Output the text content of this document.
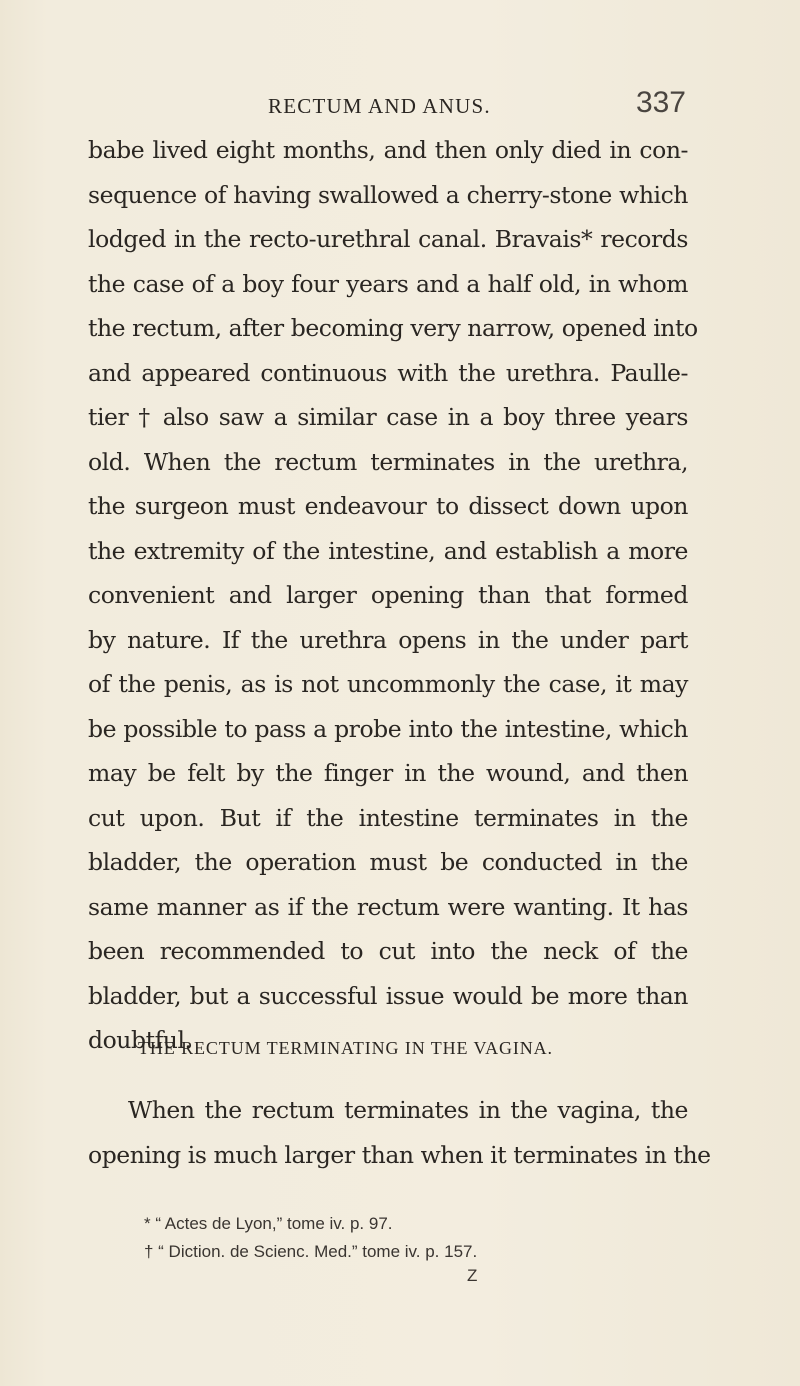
RECTUM AND ANUS.	337
babe lived eight months, and then only died in con-
sequence of having swallowed a cherry-stone which
lodged in the recto-urethral canal. Bravais* records
the case of a boy four years and a half old, in whom
the rectum, after becoming very narrow, opened into
and appeared continuous with the urethra. Paulle-
tier † also saw a similar case in a boy three years
old. When the rectum terminates in the urethra,
the surgeon must endeavour to dissect down upon
the extremity of the intestine, and establish a more
convenient and larger opening than that formed
by nature. If the urethra opens in the under part
of the penis, as is not uncommonly the case, it may
be possible to pass a probe into the intestine, which
may be felt by the finger in the wound, and then
cut upon. But if the intestine terminates in the
bladder, the operation must be conducted in the
same manner as if the rectum were wanting. It has
been recommended to cut into the neck of the
bladder, but a successful issue would be more than
doubtful.
THE RECTUM TERMINATING IN THE VAGINA.
When the rectum terminates in the vagina, the
opening is much larger than when it terminates in the
* “ Actes de Lyon,” tome iv. p. 97.
† “ Diction. de Scienc. Med.” tome iv. p. 157.
Z
